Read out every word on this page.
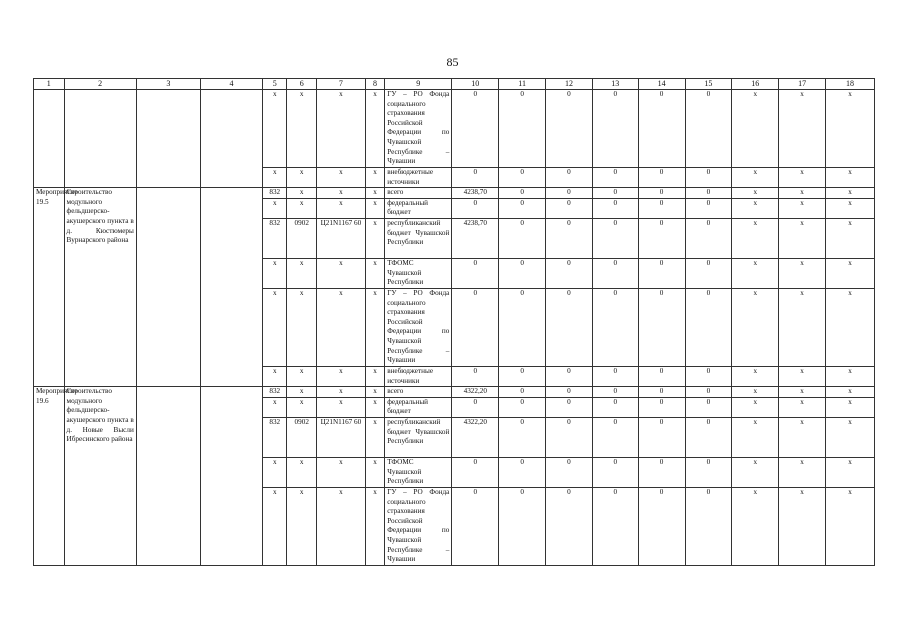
85
1	2	3	4	5	6	7	8	9	10	11	12	13	14	15	16	17	18
				x	x	x	x	ГУ – РО Фонда социального страхования Российской Федерации по Чувашской Республике – Чувашии	0	0	0	0	0	0	x	x	x
				x	x	x	x	внебюджетные источники	0	0	0	0	0	0	x	x	x
Мероприятие 19.5	Строительство модульного фельдшерско-акушерского пункта в д. Кюстюмеры Вурнарского района			832	x	x	x	всего	4238,70	0	0	0	0	0	x	x	x
				x	x	x	x	федеральный бюджет	0	0	0	0	0	0	x	x	x
				832	0902	Ц21N1167 60	x	республиканский бюджет Чувашской Республики	4238,70	0	0	0	0	0	x	x	x
				x	x	x	x	ТФОМС Чувашской Республики	0	0	0	0	0	0	x	x	x
				x	x	x	x	ГУ – РО Фонда социального страхования Российской Федерации по Чувашской Республике – Чувашии	0	0	0	0	0	0	x	x	x
				x	x	x	x	внебюджетные источники	0	0	0	0	0	0	x	x	x
Мероприятие 19.6	Строительство модульного фельдшерско-акушерского пункта в д. Новые Высли Ибресинского района			832	x	x	x	всего	4322,20	0	0	0	0	0	x	x	x
				x	x	x	x	федеральный бюджет	0	0	0	0	0	0	x	x	x
				832	0902	Ц21N1167 60	x	республиканский бюджет Чувашской Республики	4322,20	0	0	0	0	0	x	x	x
				x	x	x	x	ТФОМС Чувашской Республики	0	0	0	0	0	0	x	x	x
				x	x	x	x	ГУ – РО Фонда социального страхования Российской Федерации по Чувашской Республике – Чувашии	0	0	0	0	0	0	x	x	x
